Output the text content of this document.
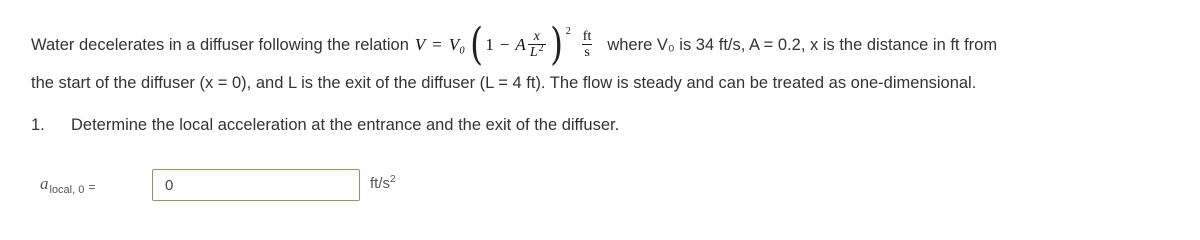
Water decelerates in a diffuser following the relation V = V₀ ( 1 − A $\frac{x}{L^2}$ ) $2 \frac{ft}{s}$ where V₀ is 34 ft/s, A = 0.2, x is the distance in ft from
the start of the diffuser (x = 0), and L is the exit of the diffuser (L = 4 ft). The flow is steady and can be treated as one-dimensional.
1. Determine the local acceleration at the entrance and the exit of the diffuser.
$a_{local, 0}$ =
0	$ft/s^2$
